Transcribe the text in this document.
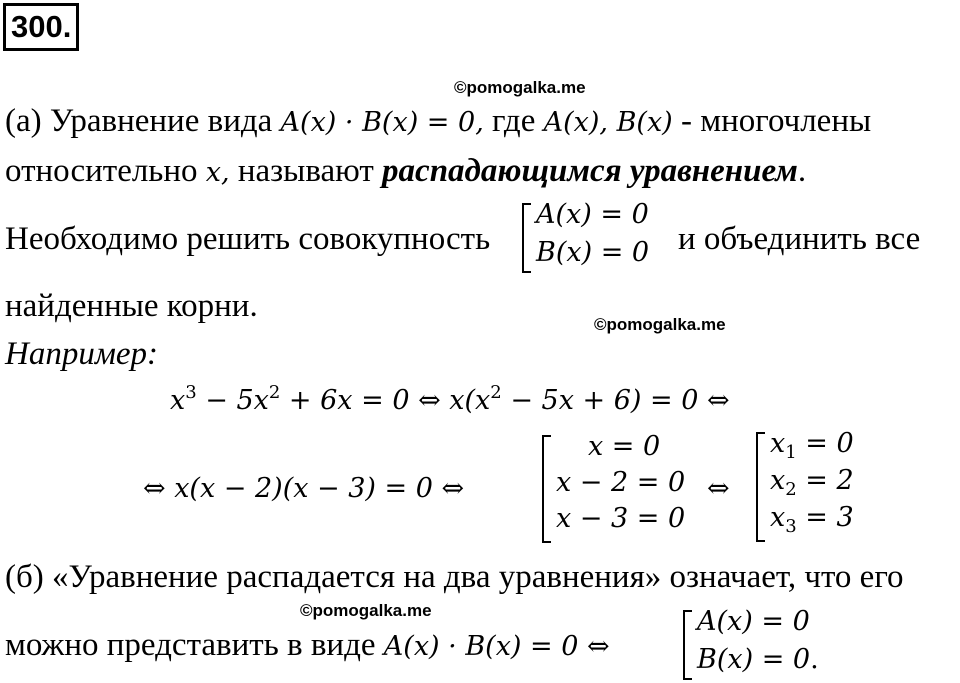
300.
©pomogalka.me
(а) Уравнение вида A(x) · B(x) = 0, где A(x), B(x) - многочлены
относительно x, называют распадающимся уравнением.
Необходимо решить совокупность
A(x) = 0
B(x) = 0 и объединить все
найденные корни.
©pomogalka.me
Например:
$x^3 - 5x^2 + 6x = 0$ ⇔ $x(x^2 - 5x + 6) = 0$ ⇔
⇔ x(x − 2)(x − 3) = 0 ⇔
x = 0
x − 2 = 0
x − 3 = 0
⇔
$x_1 = 0$
$x_2 = 2$
$x_3 = 3$
(б) «Уравнение распадается на два уравнения» означает, что его
©pomogalka.me
можно представить в виде A(x) · B(x) = 0 ⇔
A(x) = 0
B(x) = 0.
